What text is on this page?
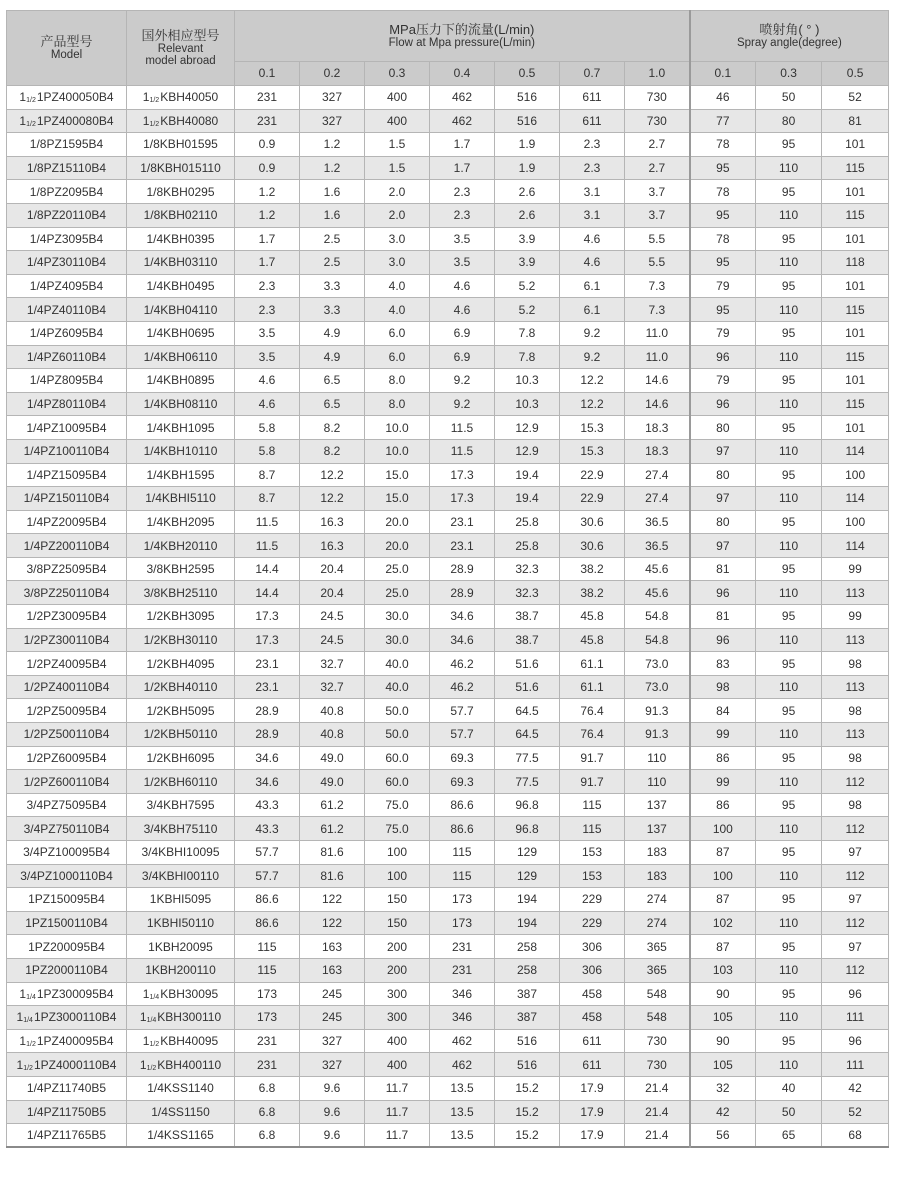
产品型号
Model	国外相应型号
Relevant
model abroad	MPa压力下的流量(L/min)
Flow at Mpa pressure(L/min)							喷射角( ° )
Spray angle(degree)		

		0.1	0.2	0.3	0.4	0.5	0.7	1.0	0.1	0.3	0.5
$1_{1/2}1PZ400050B4$	$1_{1/2}KBH40050$	231	327	400	462	516	611	730	46	50	52
$1_{1/2}1PZ400080B4$	$1_{1/2}KBH40080$	231	327	400	462	516	611	730	77	80	81
1/8PZ1595B4	1/8KBH01595	0.9	1.2	1.5	1.7	1.9	2.3	2.7	78	95	101
1/8PZ15110B4	1/8KBH015110	0.9	1.2	1.5	1.7	1.9	2.3	2.7	95	110	115
1/8PZ2095B4	1/8KBH0295	1.2	1.6	2.0	2.3	2.6	3.1	3.7	78	95	101
1/8PZ20110B4	1/8KBH02110	1.2	1.6	2.0	2.3	2.6	3.1	3.7	95	110	115
1/4PZ3095B4	1/4KBH0395	1.7	2.5	3.0	3.5	3.9	4.6	5.5	78	95	101
1/4PZ30110B4	1/4KBH03110	1.7	2.5	3.0	3.5	3.9	4.6	5.5	95	110	118
1/4PZ4095B4	1/4KBH0495	2.3	3.3	4.0	4.6	5.2	6.1	7.3	79	95	101
1/4PZ40110B4	1/4KBH04110	2.3	3.3	4.0	4.6	5.2	6.1	7.3	95	110	115
1/4PZ6095B4	1/4KBH0695	3.5	4.9	6.0	6.9	7.8	9.2	11.0	79	95	101
1/4PZ60110B4	1/4KBH06110	3.5	4.9	6.0	6.9	7.8	9.2	11.0	96	110	115
1/4PZ8095B4	1/4KBH0895	4.6	6.5	8.0	9.2	10.3	12.2	14.6	79	95	101
1/4PZ80110B4	1/4KBH08110	4.6	6.5	8.0	9.2	10.3	12.2	14.6	96	110	115
1/4PZ10095B4	1/4KBH1095	5.8	8.2	10.0	11.5	12.9	15.3	18.3	80	95	101
1/4PZ100110B4	1/4KBH10110	5.8	8.2	10.0	11.5	12.9	15.3	18.3	97	110	114
1/4PZ15095B4	1/4KBH1595	8.7	12.2	15.0	17.3	19.4	22.9	27.4	80	95	100
1/4PZ150110B4	1/4KBHI5110	8.7	12.2	15.0	17.3	19.4	22.9	27.4	97	110	114
1/4PZ20095B4	1/4KBH2095	11.5	16.3	20.0	23.1	25.8	30.6	36.5	80	95	100
1/4PZ200110B4	1/4KBH20110	11.5	16.3	20.0	23.1	25.8	30.6	36.5	97	110	114
3/8PZ25095B4	3/8KBH2595	14.4	20.4	25.0	28.9	32.3	38.2	45.6	81	95	99
3/8PZ250110B4	3/8KBH25110	14.4	20.4	25.0	28.9	32.3	38.2	45.6	96	110	113
1/2PZ30095B4	1/2KBH3095	17.3	24.5	30.0	34.6	38.7	45.8	54.8	81	95	99
1/2PZ300110B4	1/2KBH30110	17.3	24.5	30.0	34.6	38.7	45.8	54.8	96	110	113
1/2PZ40095B4	1/2KBH4095	23.1	32.7	40.0	46.2	51.6	61.1	73.0	83	95	98
1/2PZ400110B4	1/2KBH40110	23.1	32.7	40.0	46.2	51.6	61.1	73.0	98	110	113
1/2PZ50095B4	1/2KBH5095	28.9	40.8	50.0	57.7	64.5	76.4	91.3	84	95	98
1/2PZ500110B4	1/2KBH50110	28.9	40.8	50.0	57.7	64.5	76.4	91.3	99	110	113
1/2PZ60095B4	1/2KBH6095	34.6	49.0	60.0	69.3	77.5	91.7	110	86	95	98
1/2PZ600110B4	1/2KBH60110	34.6	49.0	60.0	69.3	77.5	91.7	110	99	110	112
3/4PZ75095B4	3/4KBH7595	43.3	61.2	75.0	86.6	96.8	115	137	86	95	98
3/4PZ750110B4	3/4KBH75110	43.3	61.2	75.0	86.6	96.8	115	137	100	110	112
3/4PZ100095B4	3/4KBHI10095	57.7	81.6	100	115	129	153	183	87	95	97
3/4PZ1000110B4	3/4KBHI00110	57.7	81.6	100	115	129	153	183	100	110	112
1PZ150095B4	1KBHI5095	86.6	122	150	173	194	229	274	87	95	97
1PZ1500110B4	1KBHI50110	86.6	122	150	173	194	229	274	102	110	112
1PZ200095B4	1KBH20095	115	163	200	231	258	306	365	87	95	97
1PZ2000110B4	1KBH200110	115	163	200	231	258	306	365	103	110	112
$1_{1/4}1PZ300095B4$	$1_{1/4}KBH30095$	173	245	300	346	387	458	548	90	95	96
$1_{1/4}1PZ3000110B4$	$1_{1/4}KBH300110$	173	245	300	346	387	458	548	105	110	111
$1_{1/2}1PZ400095B4$	$1_{1/2}KBH40095$	231	327	400	462	516	611	730	90	95	96
$1_{1/2}1PZ4000110B4$	$1_{1/2}KBH400110$	231	327	400	462	516	611	730	105	110	111
1/4PZ11740B5	1/4KSS1140	6.8	9.6	11.7	13.5	15.2	17.9	21.4	32	40	42
1/4PZ11750B5	1/4SS1150	6.8	9.6	11.7	13.5	15.2	17.9	21.4	42	50	52
1/4PZ11765B5	1/4KSS1165	6.8	9.6	11.7	13.5	15.2	17.9	21.4	56	65	68
